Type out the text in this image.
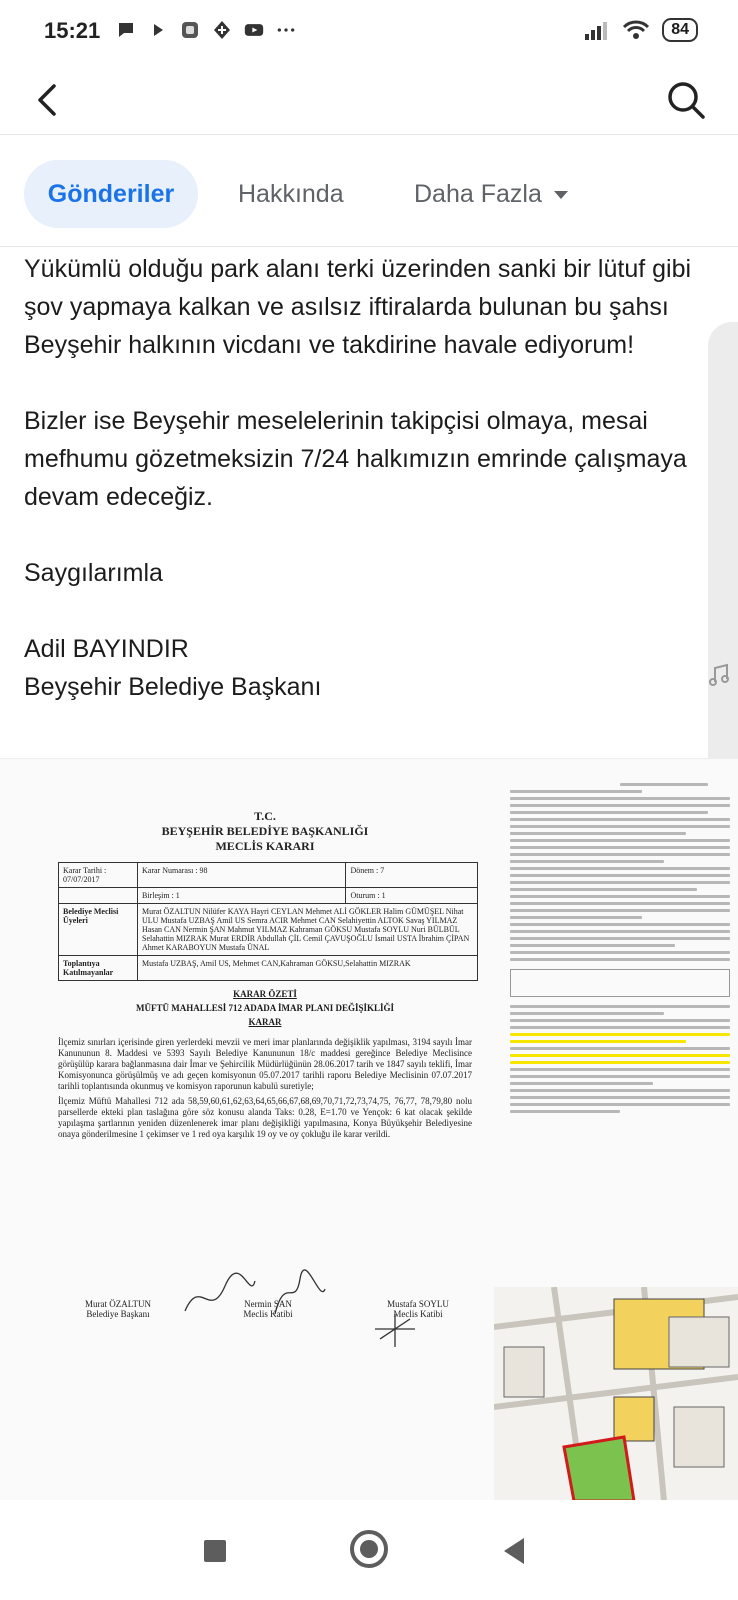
15:21	84
Gönderiler	Hakkında	Daha Fazla

Yükümlü olduğu park alanı terki üzerinden sanki bir lütuf gibi şov yapmaya kalkan ve asılsız iftiralarda bulunan bu şahsı Beyşehir halkının vicdanı ve takdirine havale ediyorum!

Bizler ise Beyşehir meselelerinin takipçisi olmaya, mesai mefhumu gözetmeksizin 7/24 halkımızın emrinde çalışmaya devam edeceğiz.

Saygılarımla

Adil BAYINDIR

Beyşehir Belediye Başkanı

T.C.
BEYŞEHİR BELEDİYE BAŞKANLIĞI
MECLİS KARARI
Karar Tarihi : 07/07/2017	Karar Numarası : 98	Dönem : 7
	Birleşim : 1	Oturum : 1
Belediye Meclisi Üyeleri	Murat ÖZALTUN Nilüfer KAYA Hayri CEYLAN Mehmet ALİ GÖKLER Halim GÜMÜŞEL Nihat ULU Mustafa UZBAŞ Amil US Semra ACIR Mehmet CAN Selahiyettin ALTOK Savaş YILMAZ Hasan CAN Nermin ŞAN Mahmut YILMAZ Kahraman GÖKSU Mustafa SOYLU Nuri BÜLBÜL Selahattin MIZRAK Murat ERDİR Abdullah ÇİL Cemil ÇAVUŞOĞLU İsmail USTA İbrahim ÇİPAN Ahmet KARABOYUN Mustafa ÜNAL	
Toplantıya Katılmayanlar	Mustafa UZBAŞ, Amil US, Mehmet CAN,Kahraman GÖKSU,Selahattin MIZRAK	
KARAR ÖZETİ
MÜFTÜ MAHALLESİ 712 ADADA İMAR PLANI DEĞİŞİKLİĞİ
KARAR
İlçemiz sınırları içerisinde giren yerlerdeki mevzii ve meri imar planlarında değişiklik yapılması, 3194 sayılı İmar Kanununun 8. Maddesi ve 5393 Sayılı Belediye Kanununun 18/c maddesi gereğince Belediye Meclisince görüşülüp karara bağlanmasına dair İmar ve Şehircilik Müdürlüğünün 28.06.2017 tarih ve 1847 sayılı teklifi, İmar Komisyonunca görüşülmüş ve adı geçen komisyonun 05.07.2017 tarihli raporu Belediye Meclisinin 07.07.2017 tarihli toplantısında okunmuş ve komisyon raporunun kabulü suretiyle;
İlçemiz Müftü Mahallesi 712 ada 58,59,60,61,62,63,64,65,66,67,68,69,70,71,72,73,74,75, 76,77, 78,79,80 nolu parsellerde ekteki plan taslağına göre söz konusu alanda Taks: 0.28, E=1.70 ve Yençok: 6 kat olacak şekilde yapılaşma şartlarının yeniden düzenlenerek imar planı değişikliği yapılmasına, Konya Büyükşehir Belediyesine onaya gönderilmesine 1 çekimser ve 1 red oya karşılık 19 oy ve oy çokluğu ile karar verildi.
Murat ÖZALTUN
Belediye Başkanı
Nermin ŞAN
Meclis Katibi
Mustafa SOYLU
Meclis Katibi
